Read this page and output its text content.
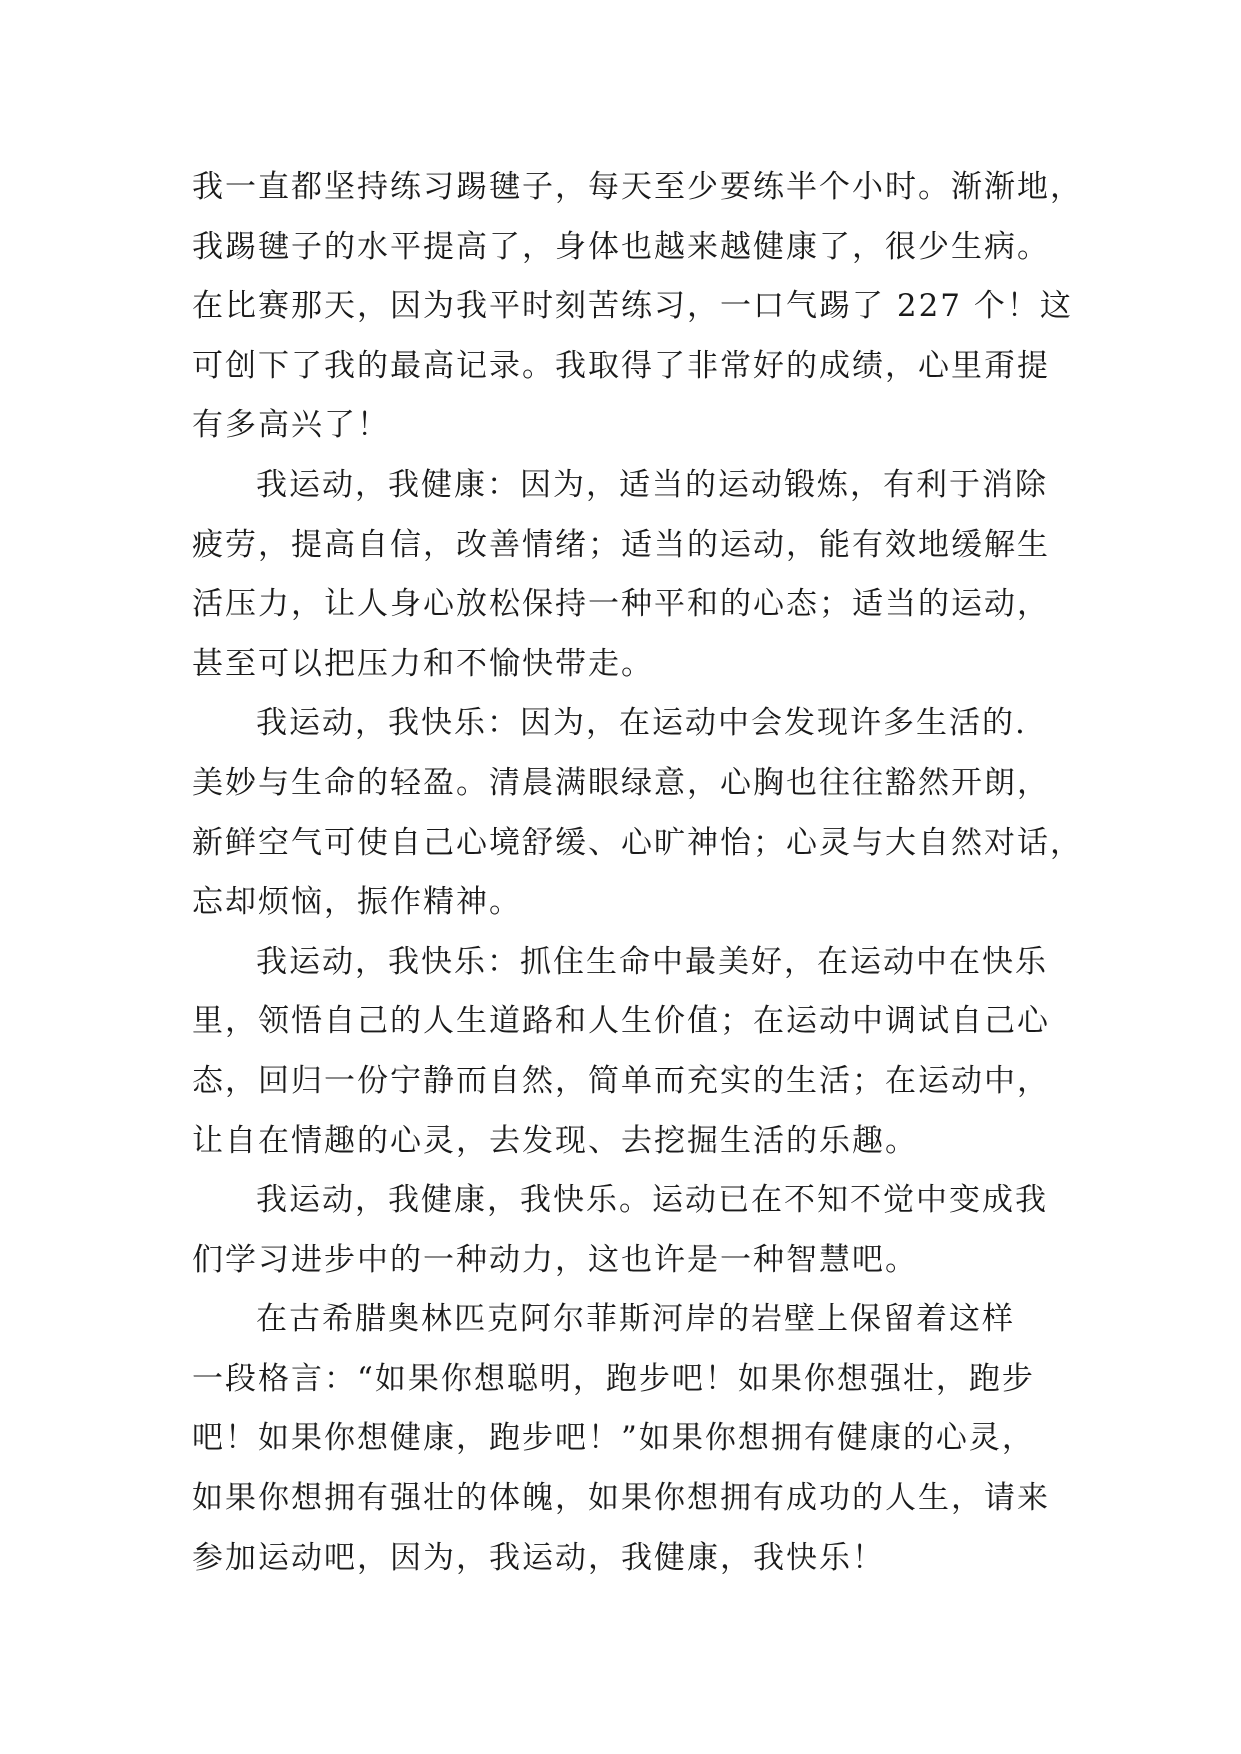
我一直都坚持练习踢毽子，每天至少要练半个小时。渐渐地，
我踢毽子的水平提高了，身体也越来越健康了，很少生病。
在比赛那天，因为我平时刻苦练习，一口气踢了 227 个！这
可创下了我的最高记录。我取得了非常好的成绩，心里甭提
有多高兴了！
我运动，我健康：因为，适当的运动锻炼，有利于消除
疲劳，提高自信，改善情绪；适当的运动，能有效地缓解生
活压力，让人身心放松保持一种平和的心态；适当的运动，
甚至可以把压力和不愉快带走。
我运动，我快乐：因为，在运动中会发现许多生活的.
美妙与生命的轻盈。清晨满眼绿意，心胸也往往豁然开朗，
新鲜空气可使自己心境舒缓、心旷神怡；心灵与大自然对话，
忘却烦恼，振作精神。
我运动，我快乐：抓住生命中最美好，在运动中在快乐
里，领悟自己的人生道路和人生价值；在运动中调试自己心
态，回归一份宁静而自然，简单而充实的生活；在运动中，
让自在情趣的心灵，去发现、去挖掘生活的乐趣。
我运动，我健康，我快乐。运动已在不知不觉中变成我
们学习进步中的一种动力，这也许是一种智慧吧。
在古希腊奥林匹克阿尔菲斯河岸的岩壁上保留着这样
一段格言：“如果你想聪明，跑步吧！如果你想强壮，跑步
吧！如果你想健康，跑步吧！”如果你想拥有健康的心灵，
如果你想拥有强壮的体魄，如果你想拥有成功的人生，请来
参加运动吧，因为，我运动，我健康，我快乐！
